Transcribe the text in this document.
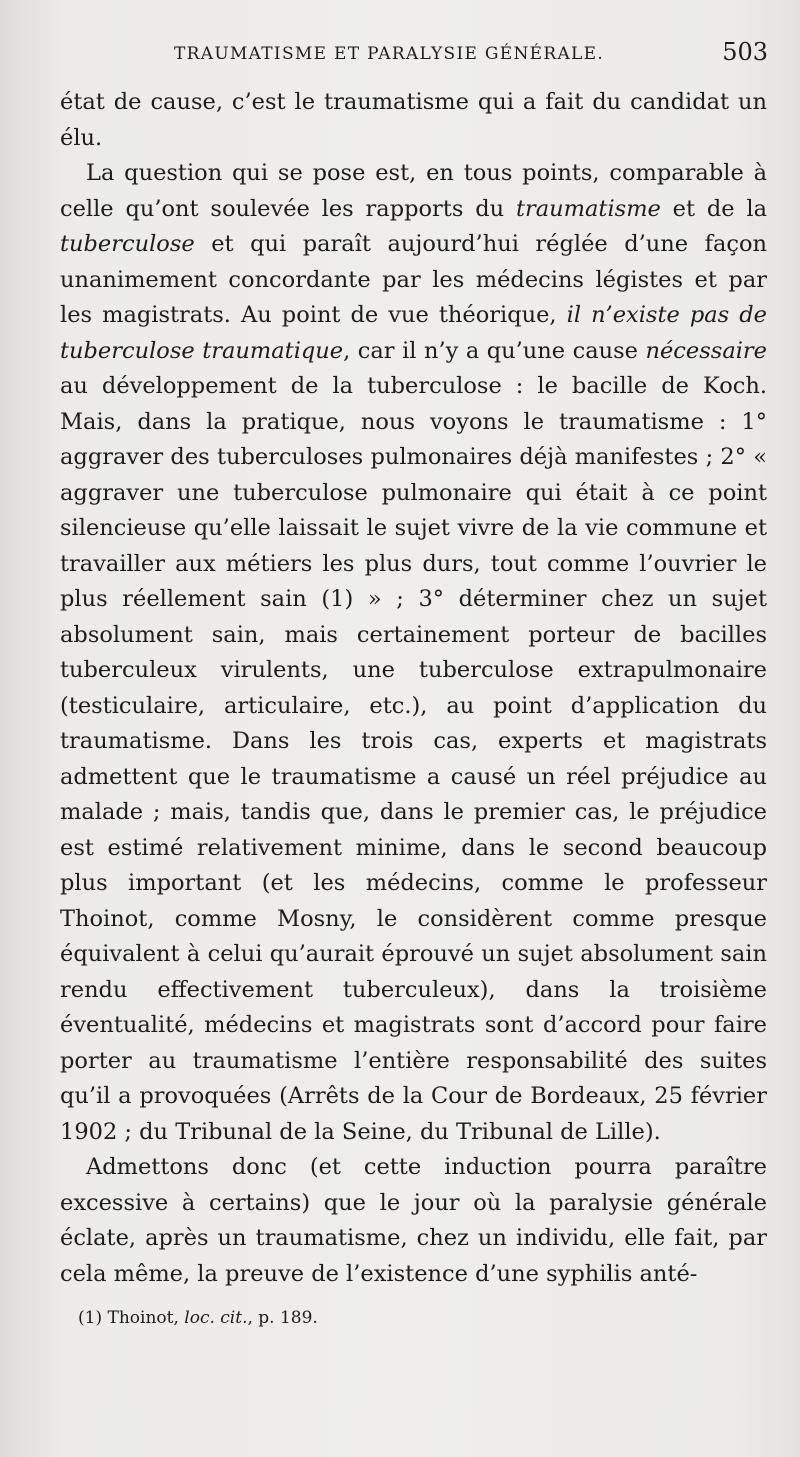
TRAUMATISME ET PARALYSIE GÉNÉRALE.	503

état de cause, c’est le traumatisme qui a fait du candidat un élu.

La question qui se pose est, en tous points, comparable à celle qu’ont soulevée les rapports du traumatisme et de la tuberculose et qui paraît aujourd’hui réglée d’une façon unanimement concordante par les médecins légistes et par les magistrats. Au point de vue théorique, il n’existe pas de tuberculose traumatique, car il n’y a qu’une cause nécessaire au développement de la tuberculose : le bacille de Koch. Mais, dans la pratique, nous voyons le traumatisme : 1° aggraver des tuberculoses pulmonaires déjà manifestes ; 2° « aggraver une tuberculose pulmonaire qui était à ce point silencieuse qu’elle laissait le sujet vivre de la vie commune et travailler aux métiers les plus durs, tout comme l’ouvrier le plus réellement sain (1) » ; 3° déterminer chez un sujet absolument sain, mais certainement porteur de bacilles tuberculeux virulents, une tuberculose extrapulmonaire (testiculaire, articulaire, etc.), au point d’application du traumatisme. Dans les trois cas, experts et magistrats admettent que le traumatisme a causé un réel préjudice au malade ; mais, tandis que, dans le premier cas, le préjudice est estimé relativement minime, dans le second beaucoup plus important (et les médecins, comme le professeur Thoinot, comme Mosny, le considèrent comme presque équivalent à celui qu’aurait éprouvé un sujet absolument sain rendu effectivement tuberculeux), dans la troisième éventualité, médecins et magistrats sont d’accord pour faire porter au traumatisme l’entière responsabilité des suites qu’il a provoquées (Arrêts de la Cour de Bordeaux, 25 février 1902 ; du Tribunal de la Seine, du Tribunal de Lille).

Admettons donc (et cette induction pourra paraître excessive à certains) que le jour où la paralysie générale éclate, après un traumatisme, chez un individu, elle fait, par cela même, la preuve de l’existence d’une syphilis anté-

(1) Thoinot, loc. cit., p. 189.
